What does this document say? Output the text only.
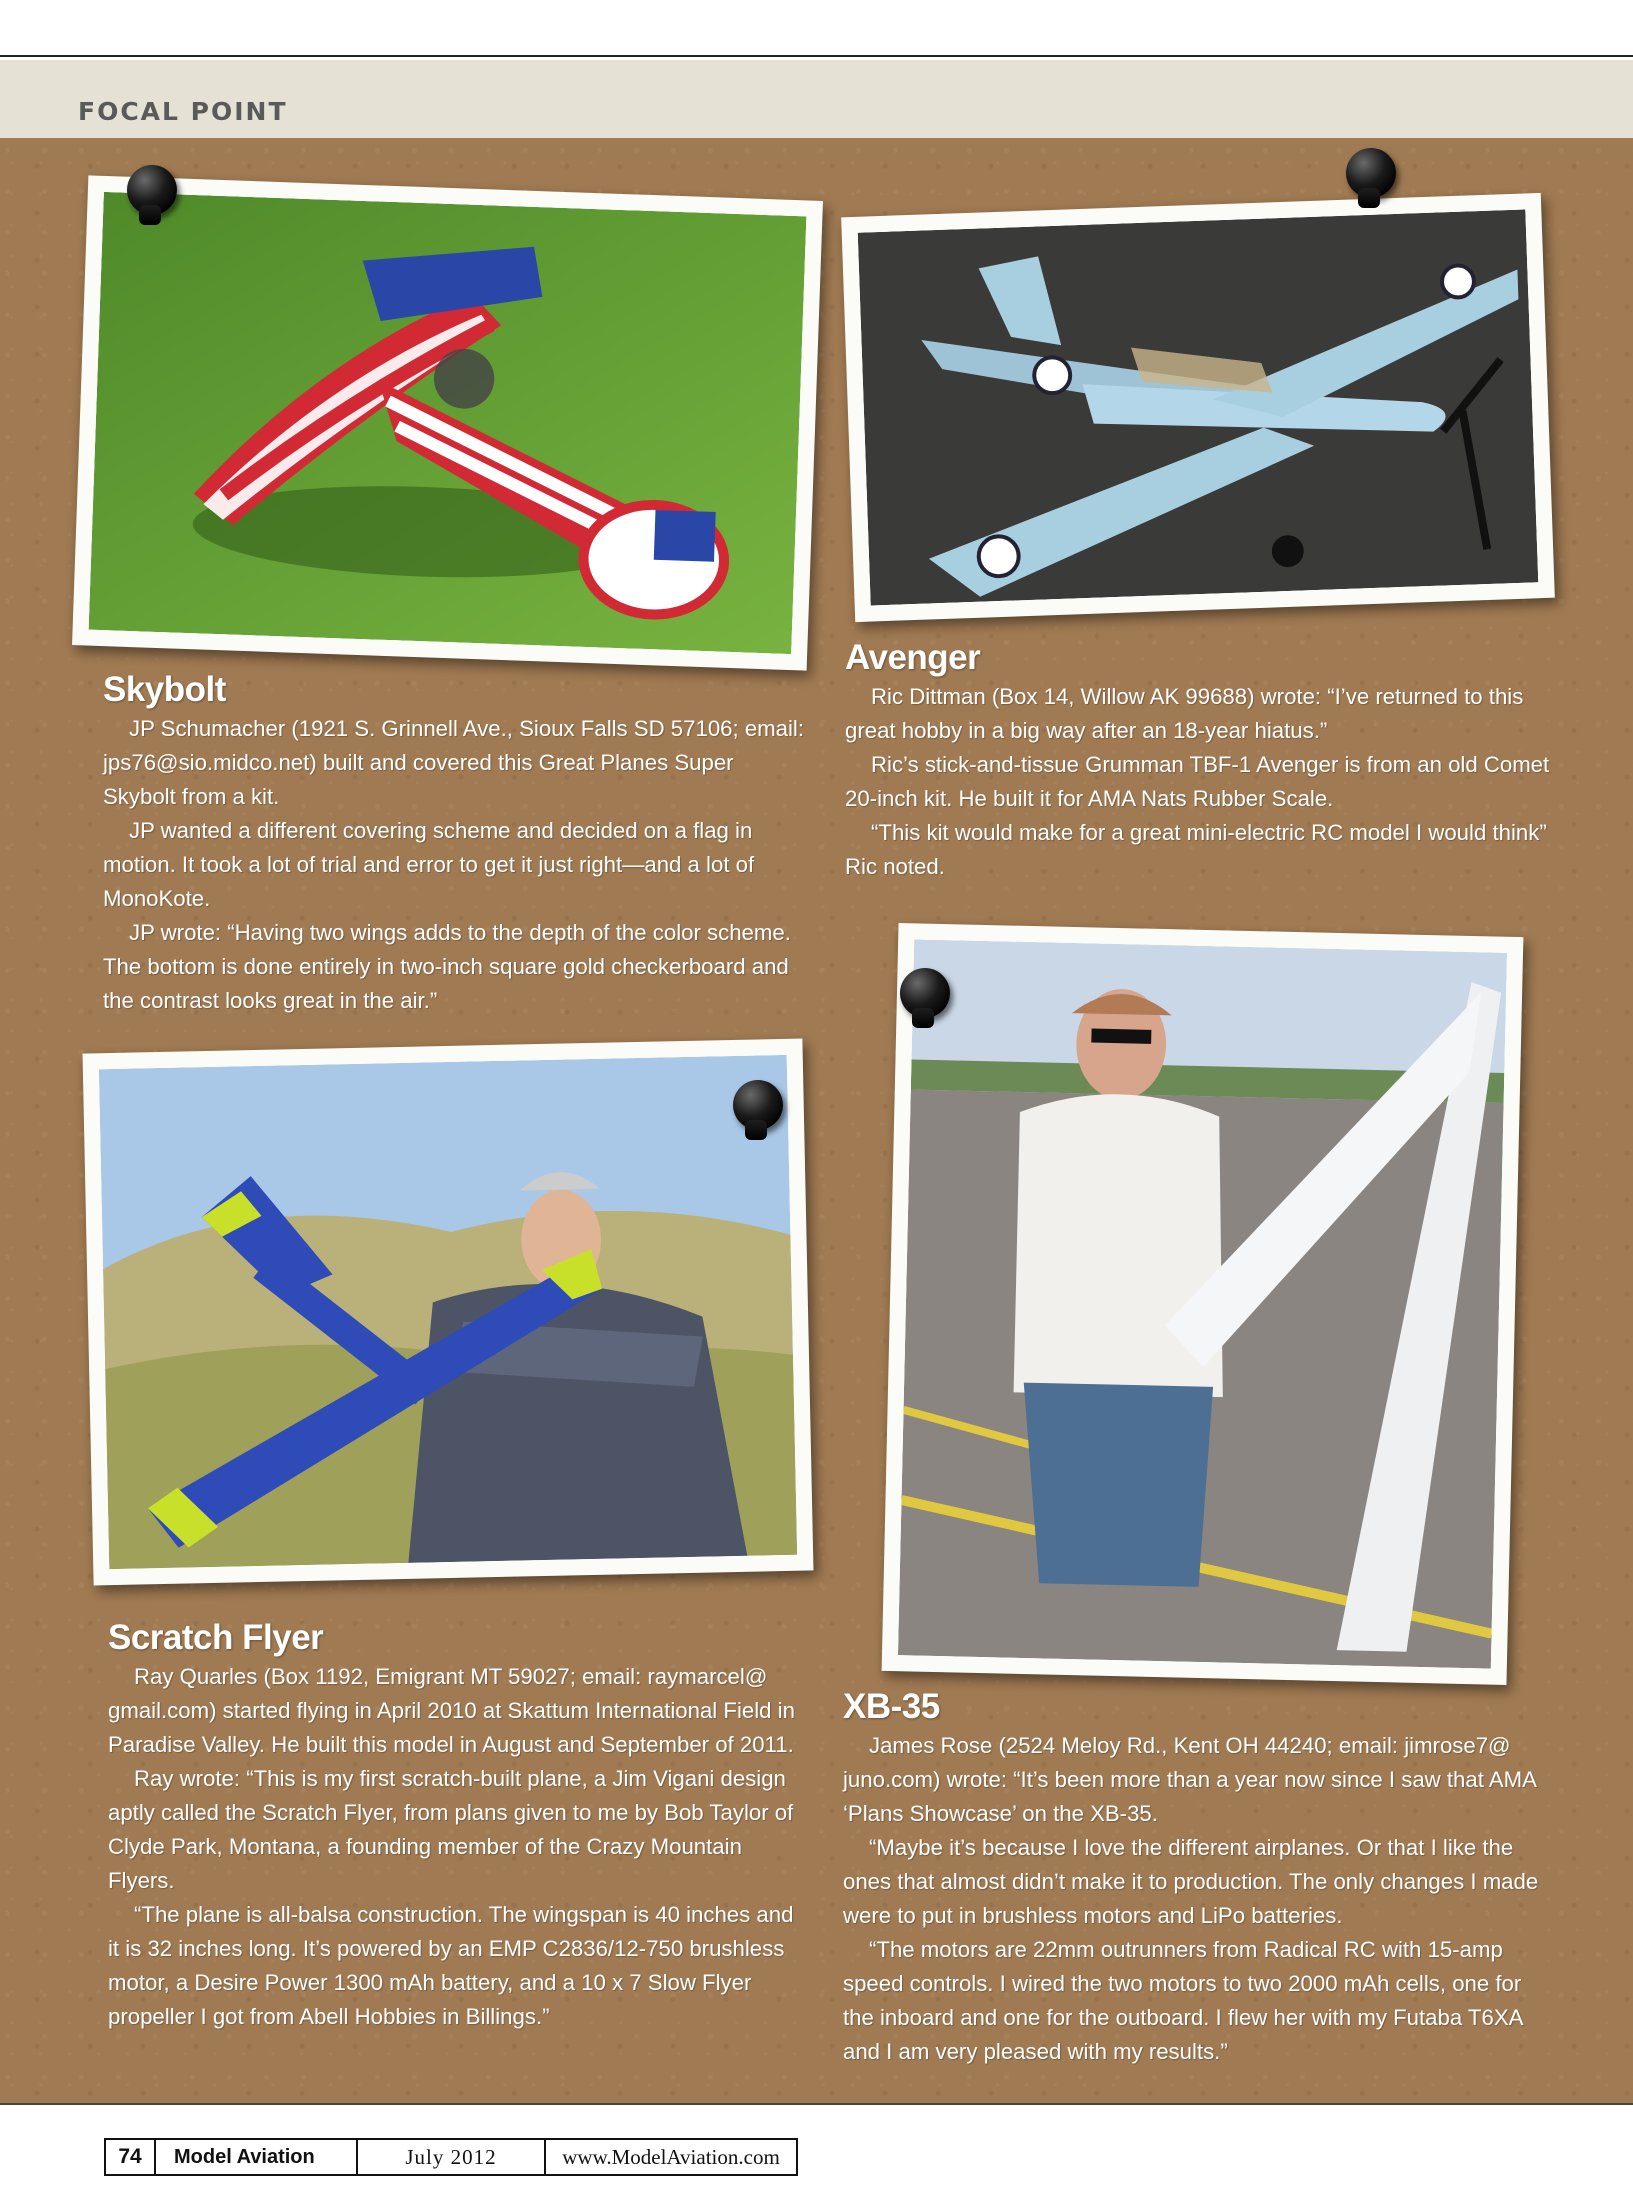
FOCAL POINT
Skybolt

JP Schumacher (1921 S. Grinnell Ave., Sioux Falls SD 57106; email: jps76@sio.midco.net) built and covered this Great Planes Super Skybolt from a kit.

JP wanted a different covering scheme and decided on a flag in motion. It took a lot of trial and error to get it just right—and a lot of MonoKote.

JP wrote: “Having two wings adds to the depth of the color scheme. The bottom is done entirely in two-inch square gold checkerboard and the contrast looks great in the air.”

Avenger

Ric Dittman (Box 14, Willow AK 99688) wrote: “I’ve returned to this great hobby in a big way after an 18-year hiatus.”

Ric’s stick-and-tissue Grumman TBF-1 Avenger is from an old Comet 20-inch kit. He built it for AMA Nats Rubber Scale.

“This kit would make for a great mini-electric RC model I would think” Ric noted.

Scratch Flyer

Ray Quarles (Box 1192, Emigrant MT 59027; email: raymarcel@ gmail.com) started flying in April 2010 at Skattum International Field in Paradise Valley. He built this model in August and September of 2011.

Ray wrote: “This is my first scratch-built plane, a Jim Vigani design aptly called the Scratch Flyer, from plans given to me by Bob Taylor of Clyde Park, Montana, a founding member of the Crazy Mountain Flyers.

“The plane is all-balsa construction. The wingspan is 40 inches and it is 32 inches long. It’s powered by an EMP C2836/12-750 brushless motor, a Desire Power 1300 mAh battery, and a 10 x 7 Slow Flyer propeller I got from Abell Hobbies in Billings.”

XB-35

James Rose (2524 Meloy Rd., Kent OH 44240; email: jimrose7@ juno.com) wrote: “It’s been more than a year now since I saw that AMA ‘Plans Showcase’ on the XB-35.

“Maybe it’s because I love the different airplanes. Or that I like the ones that almost didn’t make it to production. The only changes I made were to put in brushless motors and LiPo batteries.

“The motors are 22mm outrunners from Radical RC with 15-amp speed controls. I wired the two motors to two 2000 mAh cells, one for the inboard and one for the outboard. I flew her with my Futaba T6XA and I am very pleased with my results.”

74	Model Aviation	July 2012	www.ModelAviation.com
